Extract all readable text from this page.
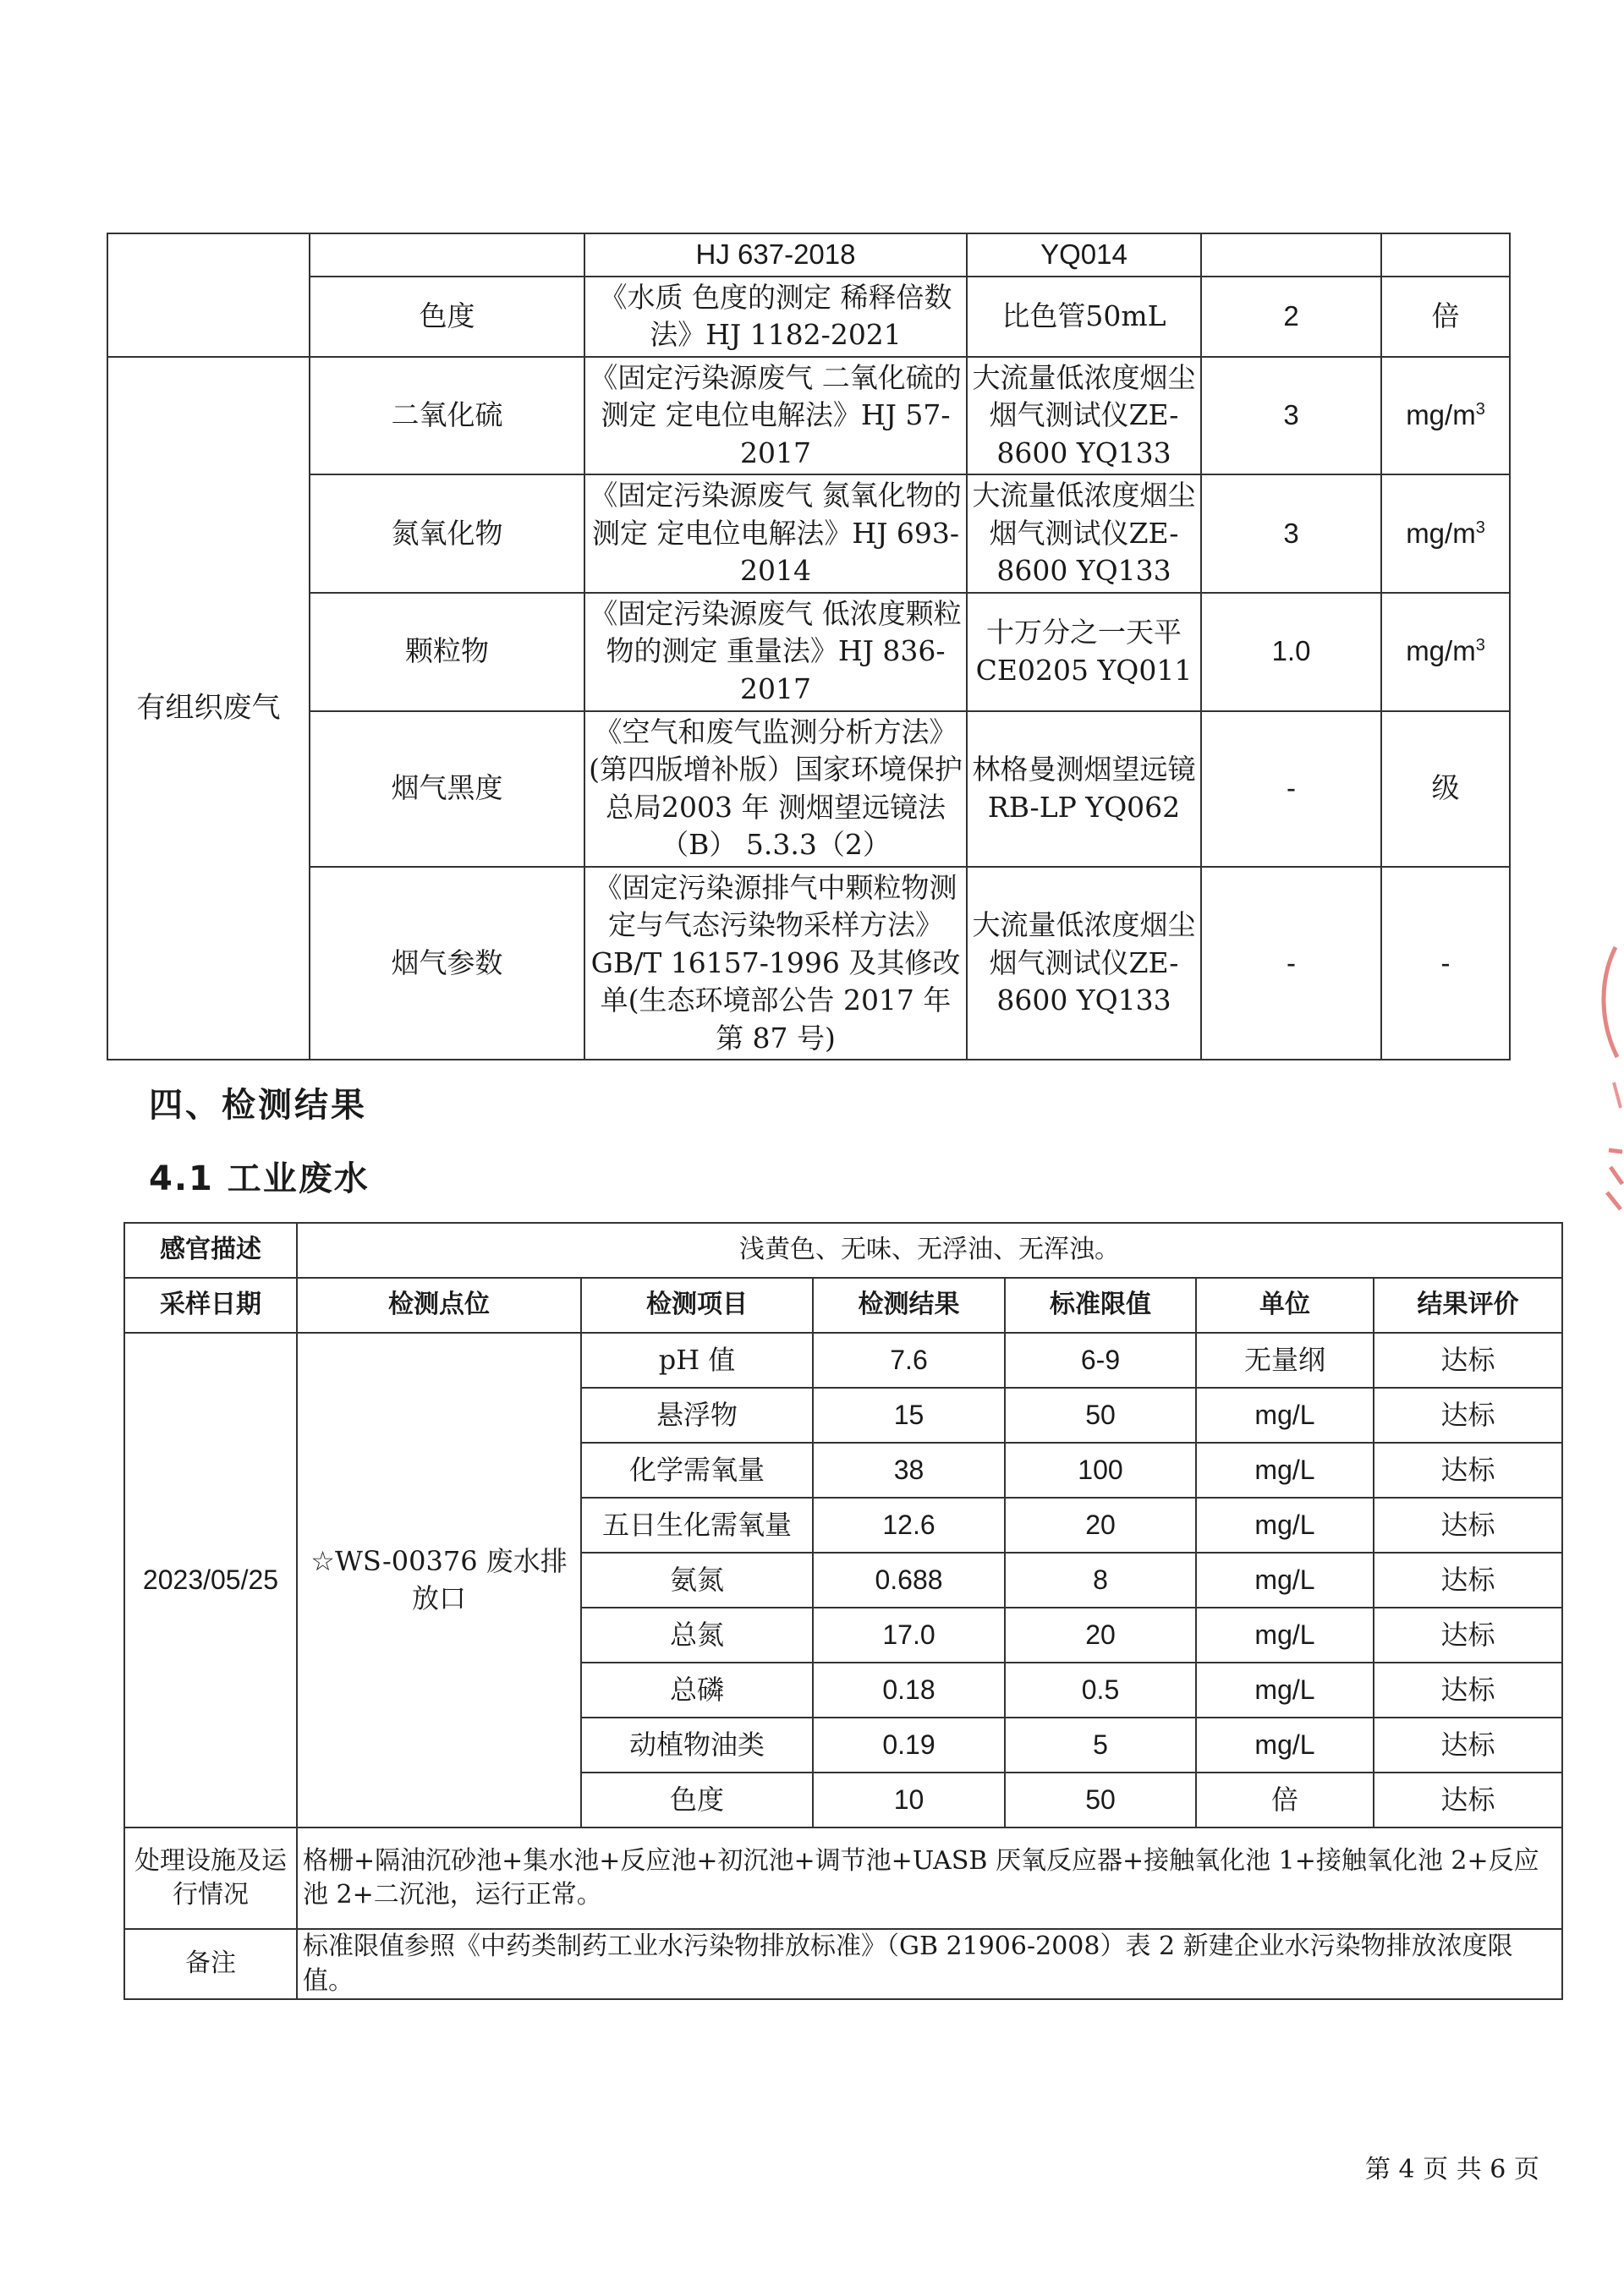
		HJ 637-2018	YQ014		
	色度	《水质 色度的测定 稀释倍数法》HJ 1182-2021	比色管50mL	2	倍
有组织废气	二氧化硫	《固定污染源废气 二氧化硫的测定 定电位电解法》HJ 57-2017	大流量低浓度烟尘烟气测试仪ZE-8600 YQ133	3	$mg/m^3$
	氮氧化物	《固定污染源废气 氮氧化物的测定 定电位电解法》HJ 693-2014	大流量低浓度烟尘烟气测试仪ZE-8600 YQ133	3	$mg/m^3$
	颗粒物	《固定污染源废气 低浓度颗粒物的测定 重量法》HJ 836-2017	十万分之一天平 CE0205 YQ011	1.0	$mg/m^3$
	烟气黑度	《空气和废气监测分析方法》(第四版增补版）国家环境保护总局2003 年 测烟望远镜法（B） 5.3.3（2）	林格曼测烟望远镜 RB-LP YQ062	-	级
	烟气参数	《固定污染源排气中颗粒物测定与气态污染物采样方法》GB/T 16157-1996 及其修改单(生态环境部公告 2017 年第 87 号)	大流量低浓度烟尘烟气测试仪ZE-8600 YQ133	-	-
四、检测结果
4.1 工业废水
感官描述	浅黄色、无味、无浮油、无浑浊。					
采样日期	检测点位	检测项目	检测结果	标准限值	单位	结果评价
2023/05/25	☆WS-00376 废水排放口	pH 值	7.6	6-9	无量纲	达标
		悬浮物	15	50	mg/L	达标
		化学需氧量	38	100	mg/L	达标
		五日生化需氧量	12.6	20	mg/L	达标
		氨氮	0.688	8	mg/L	达标
		总氮	17.0	20	mg/L	达标
		总磷	0.18	0.5	mg/L	达标
		动植物油类	0.19	5	mg/L	达标
		色度	10	50	倍	达标
处理设施及运行情况	格栅+隔油沉砂池+集水池+反应池+初沉池+调节池+UASB 厌氧反应器+接触氧化池 1+接触氧化池 2+反应池 2+二沉池，运行正常。					
备注	标准限值参照《中药类制药工业水污染物排放标准》（GB 21906-2008）表 2 新建企业水污染物排放浓度限值。					
第 4 页 共 6 页
